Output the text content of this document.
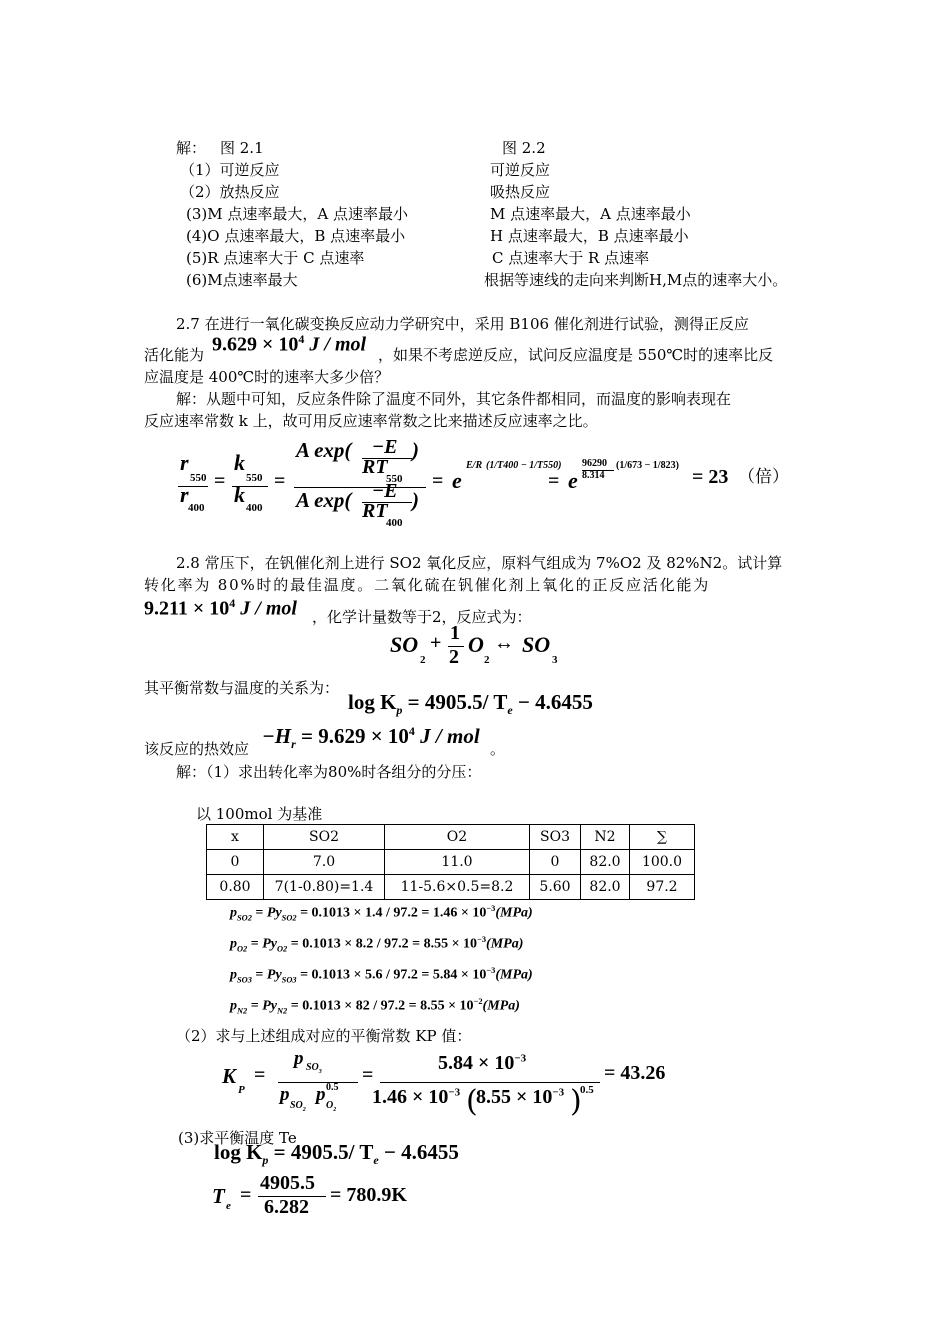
解： 图 2.1	图 2.2
（1）可逆反应	可逆反应
（2）放热反应	吸热反应
(3)M 点速率最大，A 点速率最小	M 点速率最大，A 点速率最小
(4)O 点速率最大，B 点速率最小	H 点速率最大，B 点速率最小
(5)R 点速率大于 C 点速率	C 点速率大于 R 点速率
(6)M点速率最大	根据等速线的走向来判断H,M点的速率大小。
2.7 在进行一氧化碳变换反应动力学研究中，采用 B106 催化剂进行试验，测得正反应
活化能为 $9.629 \times 10^4$ J / mol ，如果不考虑逆反应，试问反应温度是 550℃时的速率比反
应温度是 400℃时的速率大多少倍？
解：从题中可知，反应条件除了温度不同外，其它条件都相同，而温度的影响表现在
反应速率常数 k 上，故可用反应速率常数之比来描述反应速率之比。
r
550
r
400
=
k
550
k
400
=
A exp( −E
RT
550
)
A exp( −E
RT
400
)
= e
E/R (1/T400 − 1/T550)
= e
96290
8.314
(1/673 − 1/823)
= 23 （倍）
2.8 常压下，在钒催化剂上进行 SO2 氧化反应，原料气组成为 7%O2 及 82%N2。试计算
转化率为 80%时的最佳温度。二氧化硫在钒催化剂上氧化的正反应活化能为
$9.211 \times 10^4$ J / mol ，化学计量数等于2，反应式为：
SO
2
+ 1
2 O
2
↔ SO
3
其平衡常数与温度的关系为：
$\log K_p = 4905.5/$ $T_e - 4.6455$
该反应的热效应
$-H_r = 9.629 \times 10^4$ J / mol
。
解：（1）求出转化率为80%时各组分的分压：
以 100mol 为基准
x	SO2	O2	SO3	N2	∑
0	7.0	11.0	0	82.0	100.0
0.80	7(1-0.80)=1.4	11-5.6×0.5=8.2	5.60	82.0	97.2
$p_{SO2} = Py_{SO2} = 0.1013 \times 1.4 / 97.2 = 1.46 \times 10^{-3}(MPa)$
$p_{O2} = Py_{O2} = 0.1013 \times 8.2 / 97.2 = 8.55 \times 10^{-3}(MPa)$
$p_{SO3} = Py_{SO3} = 0.1013 \times 5.6 / 97.2 = 5.84 \times 10^{-3}(MPa)$
$p_{N2} = Py_{N2} = 0.1013 \times 82 / 97.2 = 8.55 \times 10^{-2}(MPa)$
（2）求与上述组成对应的平衡常数 KP 值：
K
P
=
p $SO_3$
p
$SO_2$
p 0.5
$O_2$
=
$5.84 \times 10^{-3}$
$1.46 \times 10^{-3}$ (
$8.55 \times 10^{-3}$ )
0.5
= 43.26
(3)求平衡温度 Te
$\log K_p = 4905.5/$ $T_e - 4.6455$
T e =
4905.5
6.282
= 780.9K
